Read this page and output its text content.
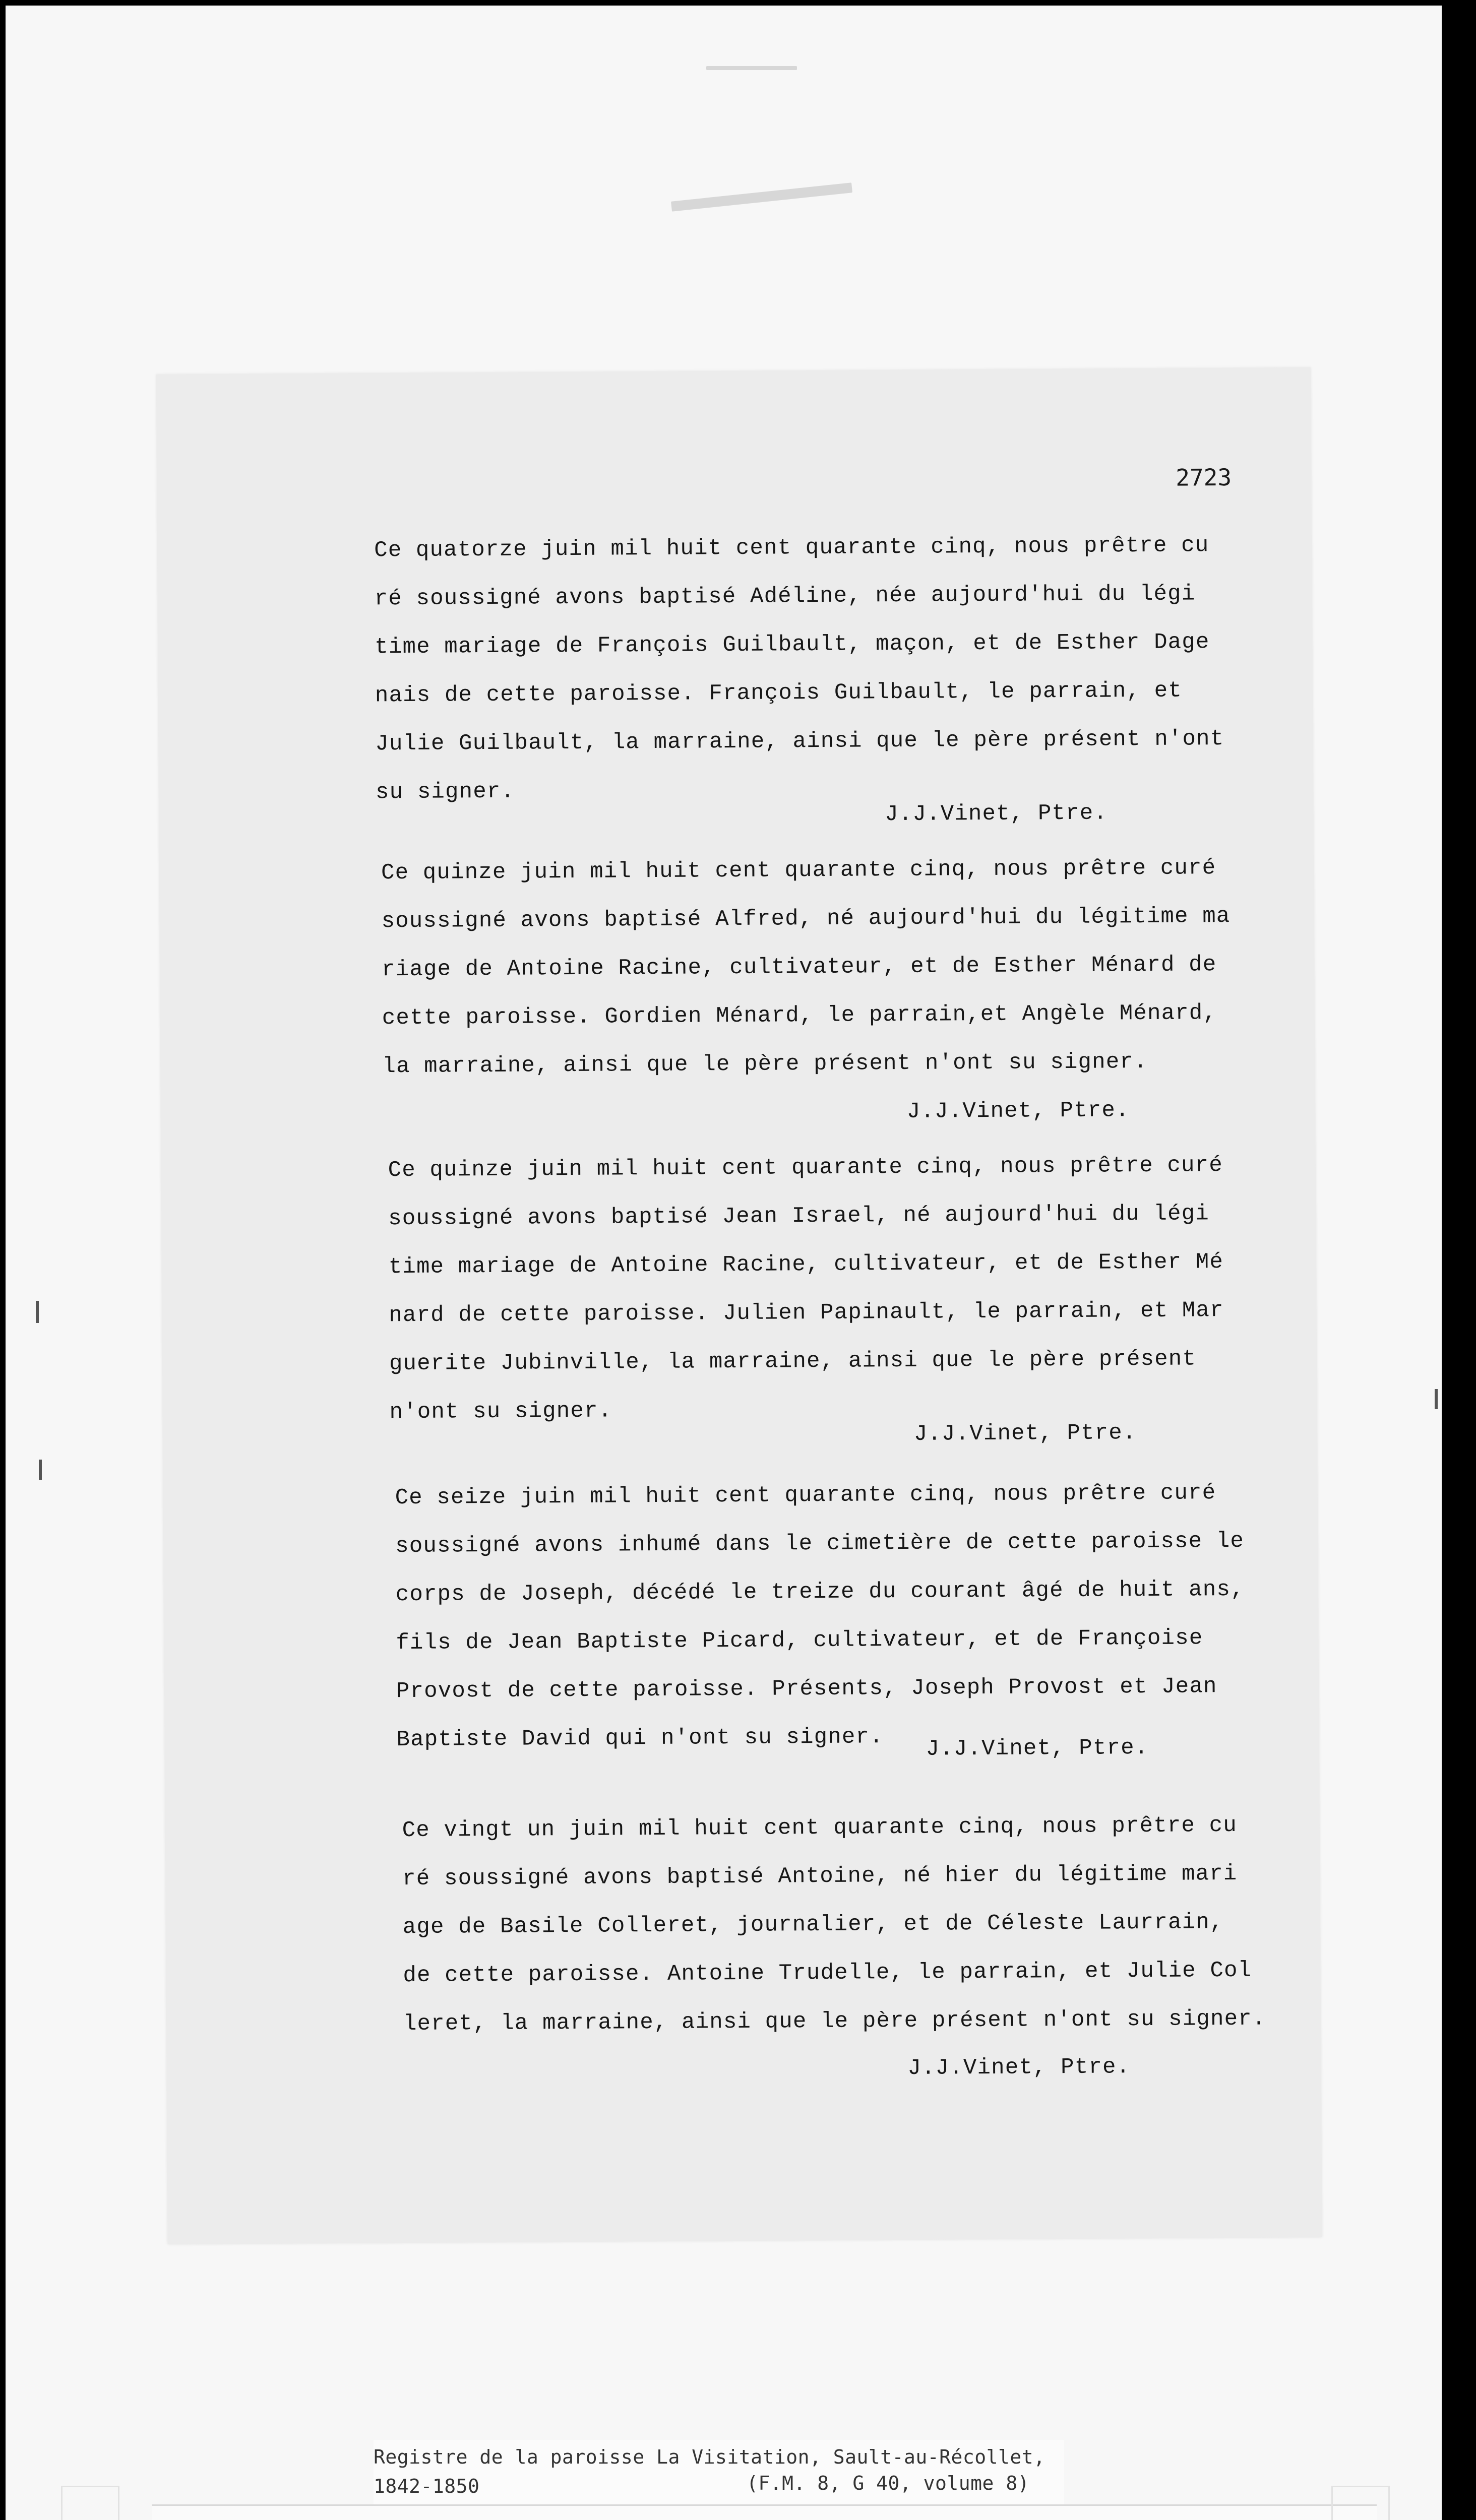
2723
Ce quatorze juin mil huit cent quarante cinq, nous prêtre cu
ré soussigné avons baptisé Adéline, née aujourd'hui du légi
time mariage de François Guilbault, maçon, et de Esther Dage
nais de cette paroisse. François Guilbault, le parrain, et
Julie Guilbault, la marraine, ainsi que le père présent n'ont
su signer.
J.J.Vinet, Ptre.
Ce quinze juin mil huit cent quarante cinq, nous prêtre curé
soussigné avons baptisé Alfred, né aujourd'hui du légitime ma
riage de Antoine Racine, cultivateur, et de Esther Ménard de
cette paroisse. Gordien Ménard, le parrain,et Angèle Ménard,
la marraine, ainsi que le père présent n'ont su signer.
J.J.Vinet, Ptre.
Ce quinze juin mil huit cent quarante cinq, nous prêtre curé
soussigné avons baptisé Jean Israel, né aujourd'hui du légi
time mariage de Antoine Racine, cultivateur, et de Esther Mé
nard de cette paroisse. Julien Papinault, le parrain, et Mar
guerite Jubinville, la marraine, ainsi que le père présent
n'ont su signer.
J.J.Vinet, Ptre.
Ce seize juin mil huit cent quarante cinq, nous prêtre curé
soussigné avons inhumé dans le cimetière de cette paroisse le
corps de Joseph, décédé le treize du courant âgé de huit ans,
fils de Jean Baptiste Picard, cultivateur, et de Françoise
Provost de cette paroisse. Présents, Joseph Provost et Jean
Baptiste David qui n'ont su signer. J.J.Vinet, Ptre.
Ce vingt un juin mil huit cent quarante cinq, nous prêtre cu
ré soussigné avons baptisé Antoine, né hier du légitime mari
age de Basile Colleret, journalier, et de Céleste Laurrain,
de cette paroisse. Antoine Trudelle, le parrain, et Julie Col
leret, la marraine, ainsi que le père présent n'ont su signer.
J.J.Vinet, Ptre.
Registre de la paroisse La Visitation, Sault-au-Récollet,
1842-1850	(F.M. 8, G 40, volume 8)
